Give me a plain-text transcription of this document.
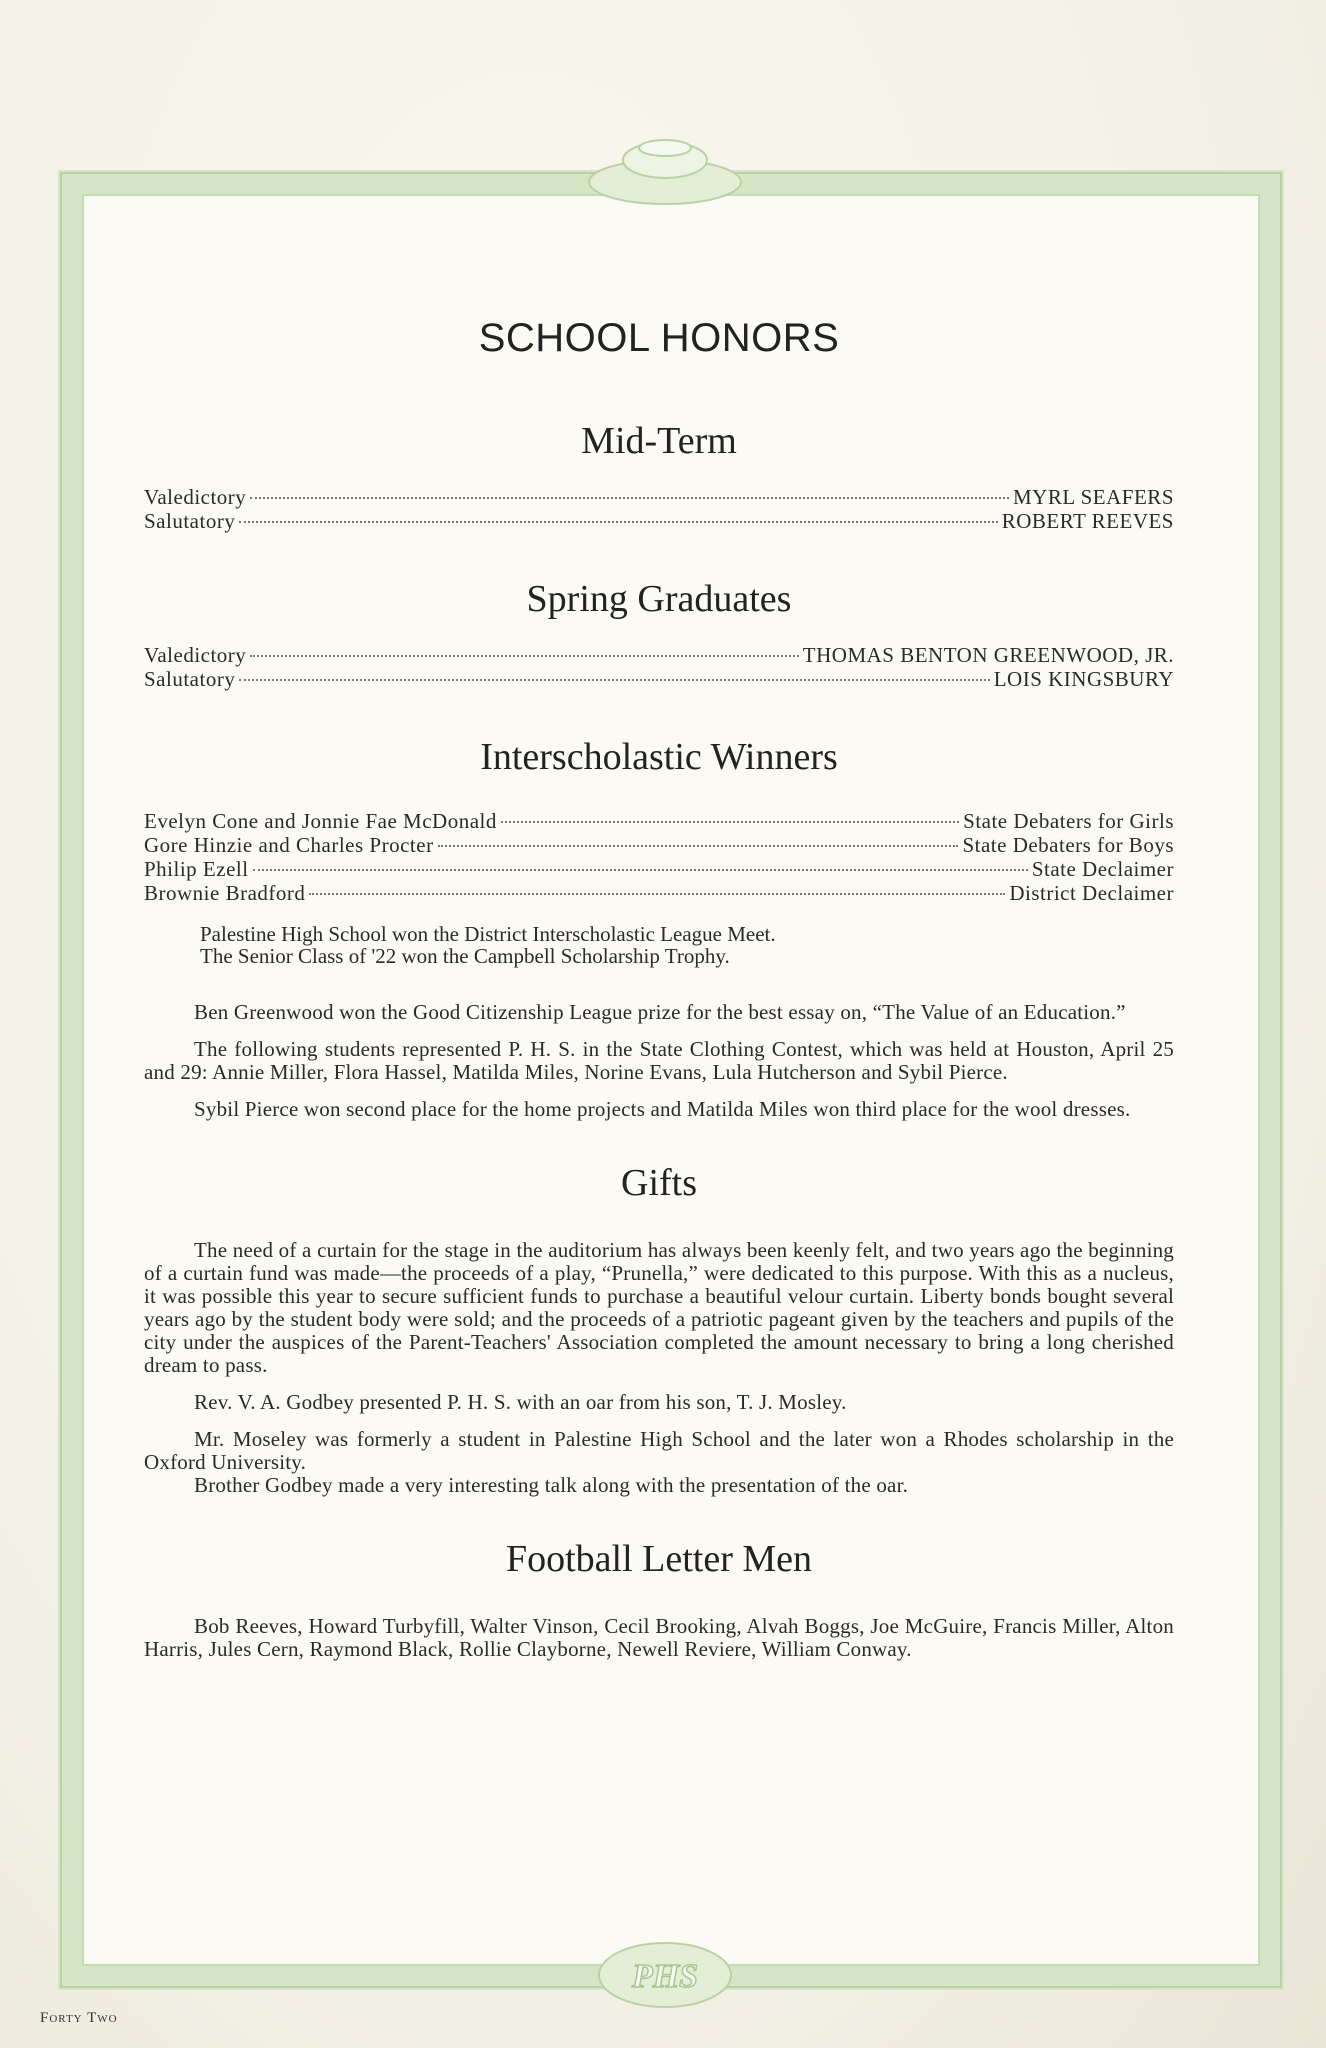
PHS
SCHOOL HONORS
Mid-Term
Valedictory	MYRL SEAFERS
Salutatory	ROBERT REEVES
Spring Graduates
Valedictory	THOMAS BENTON GREENWOOD, JR.
Salutatory	LOIS KINGSBURY
Interscholastic Winners
Evelyn Cone and Jonnie Fae McDonald	State Debaters for Girls
Gore Hinzie and Charles Procter	State Debaters for Boys
Philip Ezell	State Declaimer
Brownie Bradford	District Declaimer
Palestine High School won the District Interscholastic League Meet.
The Senior Class of '22 won the Campbell Scholarship Trophy.

Ben Greenwood won the Good Citizenship League prize for the best essay on, “The Value of an Education.”

The following students represented P. H. S. in the State Clothing Contest, which was held at Houston, April 25 and 29: Annie Miller, Flora Hassel, Matilda Miles, Norine Evans, Lula Hutcherson and Sybil Pierce.

Sybil Pierce won second place for the home projects and Matilda Miles won third place for the wool dresses.

Gifts

The need of a curtain for the stage in the auditorium has always been keenly felt, and two years ago the beginning of a curtain fund was made—the proceeds of a play, “Prunella,” were dedicated to this purpose. With this as a nucleus, it was possible this year to secure sufficient funds to purchase a beautiful velour curtain. Liberty bonds bought several years ago by the student body were sold; and the proceeds of a patriotic pageant given by the teachers and pupils of the city under the auspices of the Parent-Teachers' Association completed the amount necessary to bring a long cherished dream to pass.

Rev. V. A. Godbey presented P. H. S. with an oar from his son, T. J. Mosley.

Mr. Moseley was formerly a student in Palestine High School and the later won a Rhodes scholarship in the Oxford University.

Brother Godbey made a very interesting talk along with the presentation of the oar.

Football Letter Men

Bob Reeves, Howard Turbyfill, Walter Vinson, Cecil Brooking, Alvah Boggs, Joe McGuire, Francis Miller, Alton Harris, Jules Cern, Raymond Black, Rollie Clayborne, Newell Reviere, William Conway.

Forty Two
